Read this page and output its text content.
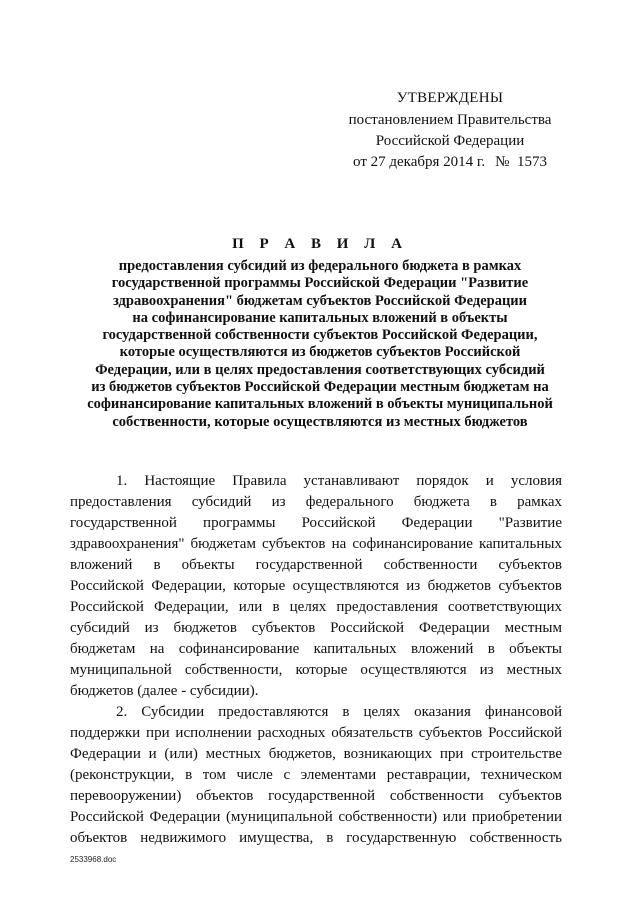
УТВЕРЖДЕНЫ
постановлением Правительства
Российской Федерации
от 27 декабря 2014 г. № 1573
П Р А В И Л А
предоставления субсидий из федерального бюджета в рамках
государственной программы Российской Федерации "Развитие
здравоохранения" бюджетам субъектов Российской Федерации
на софинансирование капитальных вложений в объекты
государственной собственности субъектов Российской Федерации,
которые осуществляются из бюджетов субъектов Российской
Федерации, или в целях предоставления соответствующих субсидий
из бюджетов субъектов Российской Федерации местным бюджетам на
софинансирование капитальных вложений в объекты муниципальной
собственности, которые осуществляются из местных бюджетов
1. Настоящие Правила устанавливают порядок и условия
предоставления субсидий из федерального бюджета в рамках
государственной программы Российской Федерации "Развитие
здравоохранения" бюджетам субъектов на софинансирование капитальных
вложений в объекты государственной собственности субъектов
Российской Федерации, которые осуществляются из бюджетов субъектов
Российской Федерации, или в целях предоставления соответствующих
субсидий из бюджетов субъектов Российской Федерации местным
бюджетам на софинансирование капитальных вложений в объекты
муниципальной собственности, которые осуществляются из местных
бюджетов (далее - субсидии).
2. Субсидии предоставляются в целях оказания финансовой
поддержки при исполнении расходных обязательств субъектов Российской
Федерации и (или) местных бюджетов, возникающих при строительстве
(реконструкции, в том числе с элементами реставрации, техническом
перевооружении) объектов государственной собственности субъектов
Российской Федерации (муниципальной собственности) или приобретении
объектов недвижимого имущества, в государственную собственность
2533968.doc
